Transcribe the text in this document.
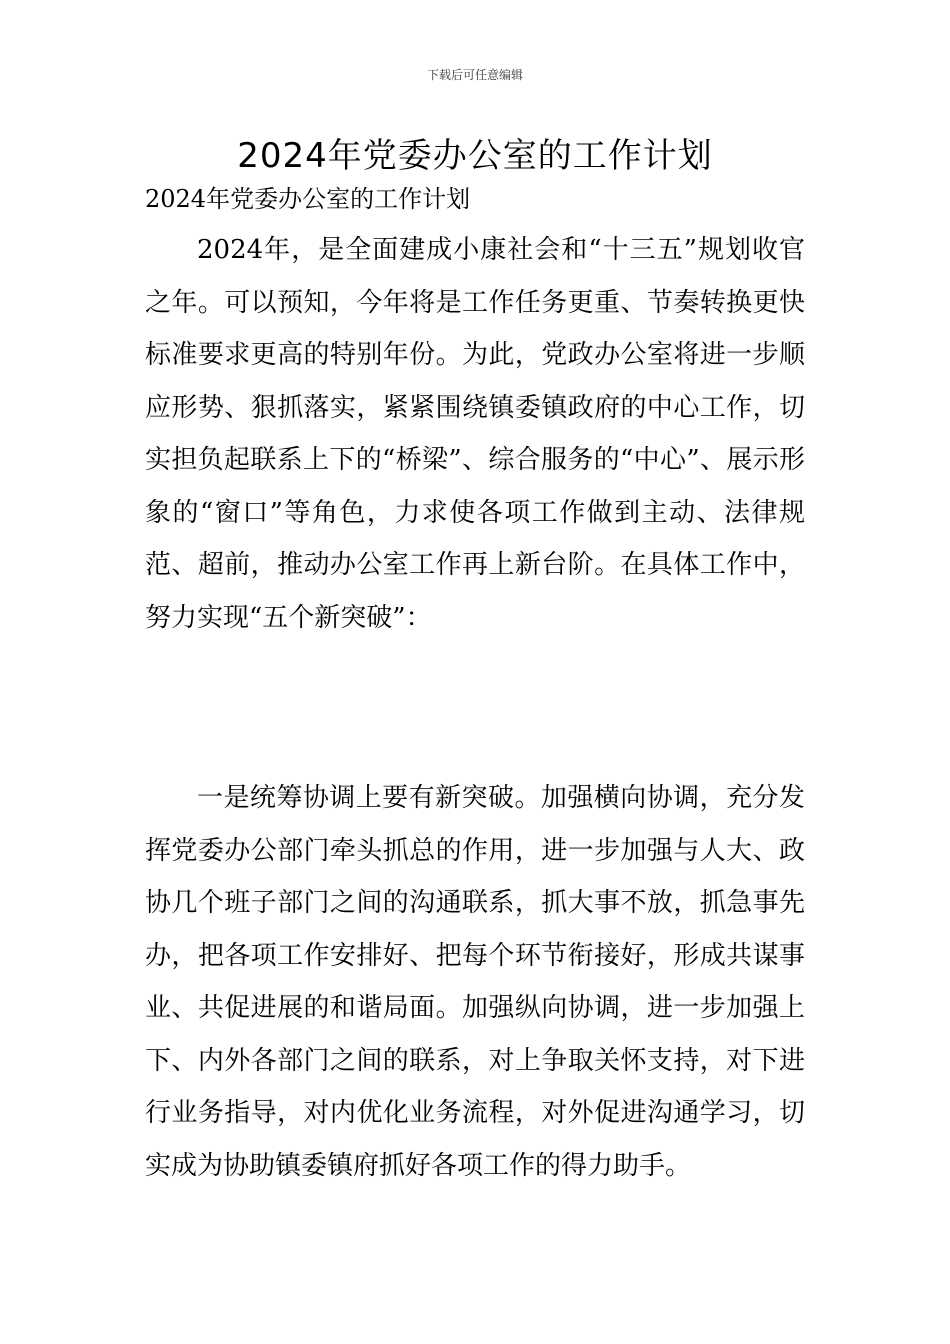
下载后可任意编辑
2024年党委办公室的工作计划
2024年党委办公室的工作计划

2024年，是全面建成小康社会和“十三五”规划收官之年。可以预知，今年将是工作任务更重、节奏转换更快标准要求更高的特别年份。为此，党政办公室将进一步顺应形势、狠抓落实，紧紧围绕镇委镇政府的中心工作，切实担负起联系上下的“桥梁”、综合服务的“中心”、展示形象的“窗口”等角色，力求使各项工作做到主动、法律规范、超前，推动办公室工作再上新台阶。在具体工作中，努力实现“五个新突破”：

一是统筹协调上要有新突破。加强横向协调，充分发挥党委办公部门牵头抓总的作用，进一步加强与人大、政协几个班子部门之间的沟通联系，抓大事不放，抓急事先办，把各项工作安排好、把每个环节衔接好，形成共谋事业、共促进展的和谐局面。加强纵向协调，进一步加强上下、内外各部门之间的联系，对上争取关怀支持，对下进行业务指导，对内优化业务流程，对外促进沟通学习，切实成为协助镇委镇府抓好各项工作的得力助手。
